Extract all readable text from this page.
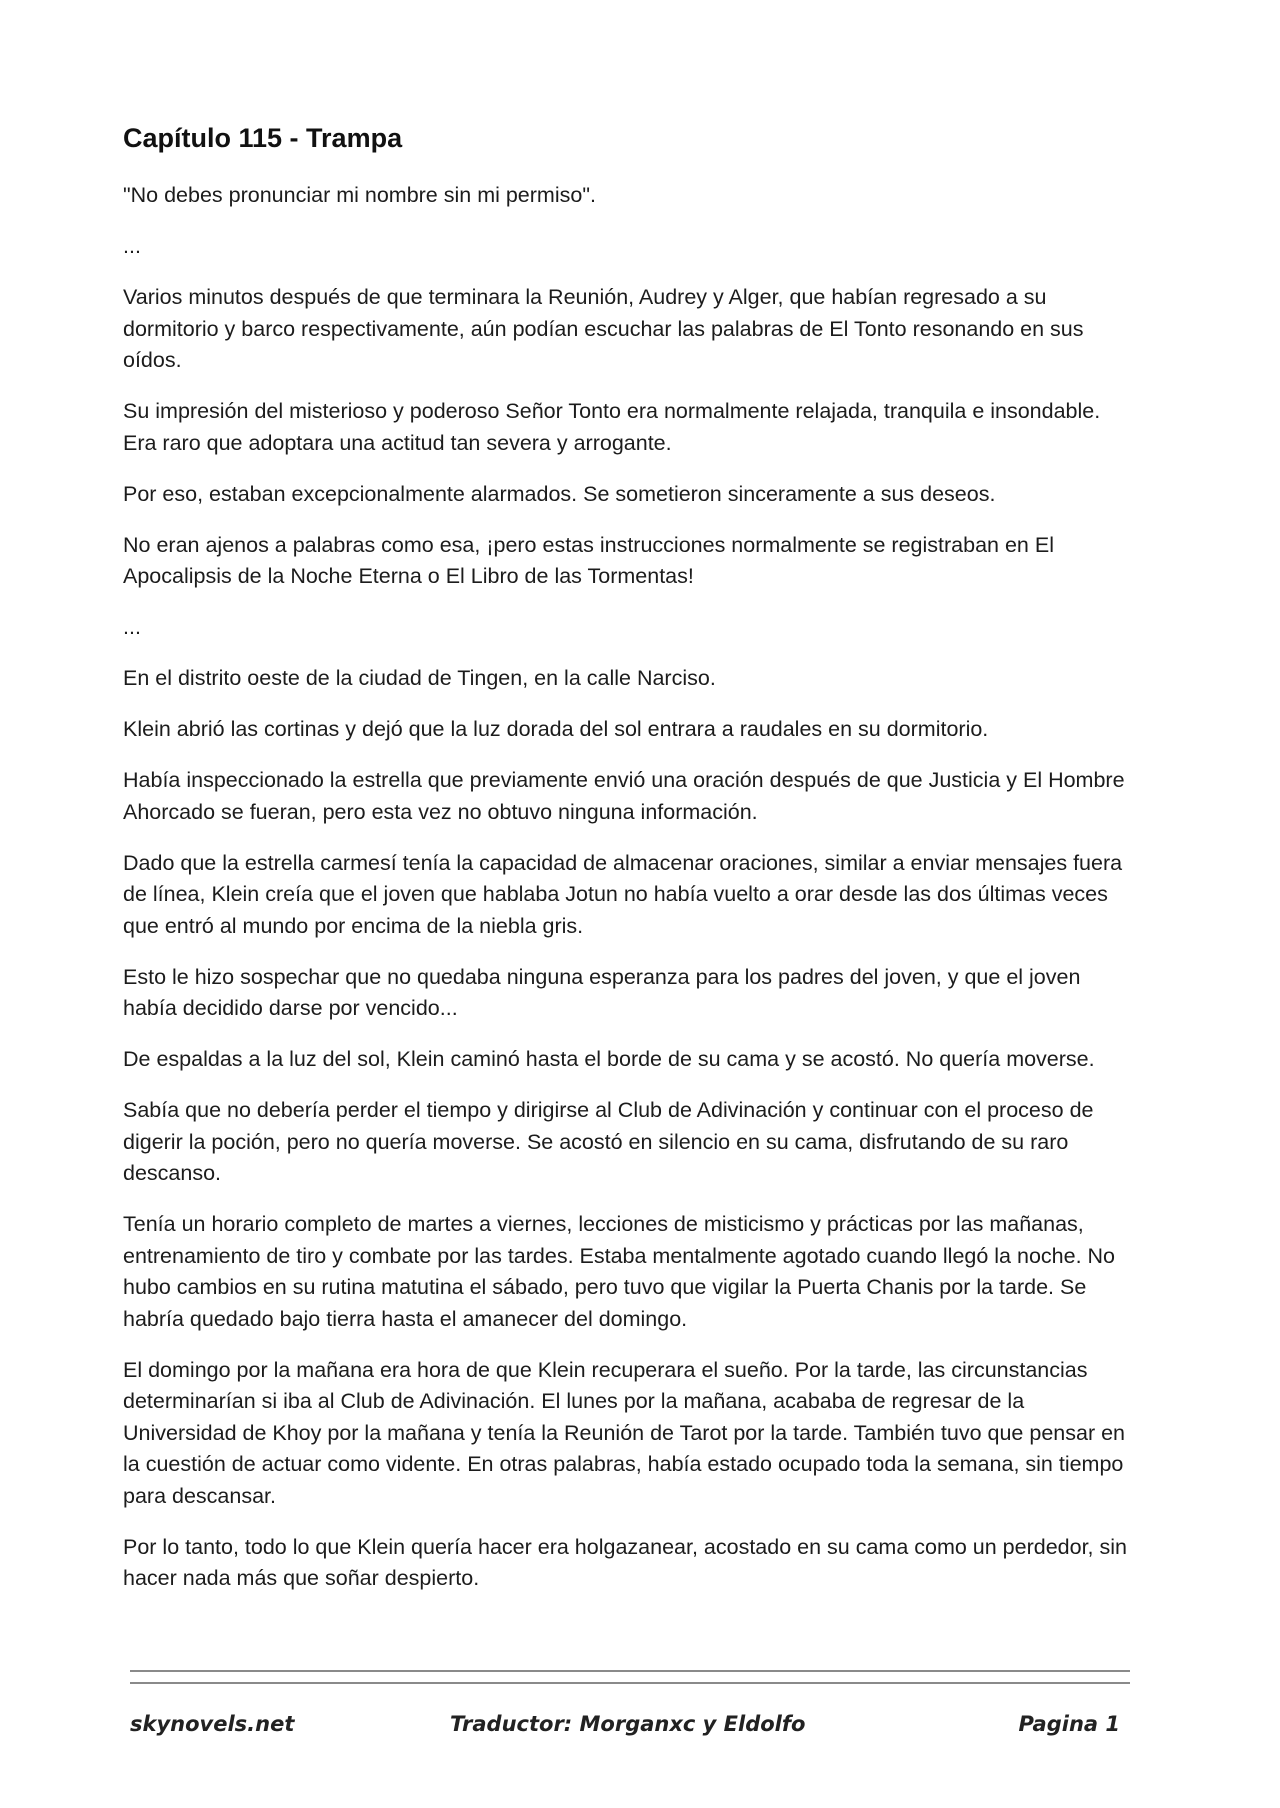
Capítulo 115 - Trampa

"No debes pronunciar mi nombre sin mi permiso".

...

Varios minutos después de que terminara la Reunión, Audrey y Alger, que habían regresado a su dormitorio y barco respectivamente, aún podían escuchar las palabras de El Tonto resonando en sus oídos.

Su impresión del misterioso y poderoso Señor Tonto era normalmente relajada, tranquila e insondable. Era raro que adoptara una actitud tan severa y arrogante.

Por eso, estaban excepcionalmente alarmados. Se sometieron sinceramente a sus deseos.

No eran ajenos a palabras como esa, ¡pero estas instrucciones normalmente se registraban en El Apocalipsis de la Noche Eterna o El Libro de las Tormentas!

...

En el distrito oeste de la ciudad de Tingen, en la calle Narciso.

Klein abrió las cortinas y dejó que la luz dorada del sol entrara a raudales en su dormitorio.

Había inspeccionado la estrella que previamente envió una oración después de que Justicia y El Hombre Ahorcado se fueran, pero esta vez no obtuvo ninguna información.

Dado que la estrella carmesí tenía la capacidad de almacenar oraciones, similar a enviar mensajes fuera de línea, Klein creía que el joven que hablaba Jotun no había vuelto a orar desde las dos últimas veces que entró al mundo por encima de la niebla gris.

Esto le hizo sospechar que no quedaba ninguna esperanza para los padres del joven, y que el joven había decidido darse por vencido...

De espaldas a la luz del sol, Klein caminó hasta el borde de su cama y se acostó. No quería moverse.

Sabía que no debería perder el tiempo y dirigirse al Club de Adivinación y continuar con el proceso de digerir la poción, pero no quería moverse. Se acostó en silencio en su cama, disfrutando de su raro descanso.

Tenía un horario completo de martes a viernes, lecciones de misticismo y prácticas por las mañanas, entrenamiento de tiro y combate por las tardes. Estaba mentalmente agotado cuando llegó la noche. No hubo cambios en su rutina matutina el sábado, pero tuvo que vigilar la Puerta Chanis por la tarde. Se habría quedado bajo tierra hasta el amanecer del domingo.

El domingo por la mañana era hora de que Klein recuperara el sueño. Por la tarde, las circunstancias determinarían si iba al Club de Adivinación. El lunes por la mañana, acababa de regresar de la Universidad de Khoy por la mañana y tenía la Reunión de Tarot por la tarde. También tuvo que pensar en la cuestión de actuar como vidente. En otras palabras, había estado ocupado toda la semana, sin tiempo para descansar.

Por lo tanto, todo lo que Klein quería hacer era holgazanear, acostado en su cama como un perdedor, sin hacer nada más que soñar despierto.

skynovels.net	Traductor: Morganxc y Eldolfo	Pagina 1
